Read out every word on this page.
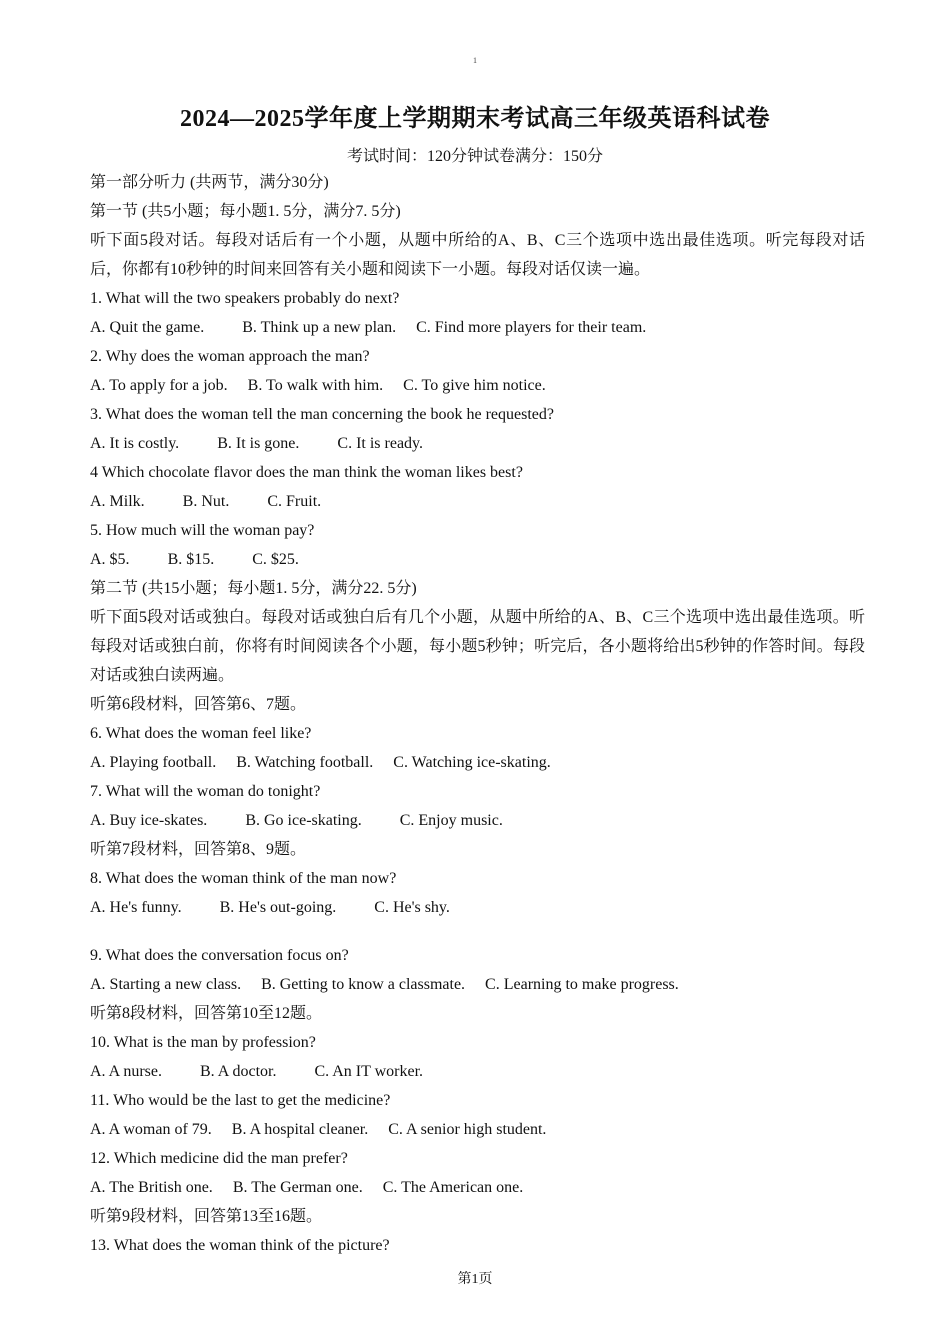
1
2024—2025学年度上学期期末考试高三年级英语科试卷
考试时间：120分钟试卷满分：150分
第一部分听力 (共两节，满分30分)
第一节 (共5小题；每小题1. 5分，满分7. 5分)

听下面5段对话。每段对话后有一个小题，从题中所给的A、B、C三个选项中选出最佳选项。听完每段对话后，你都有10秒钟的时间来回答有关小题和阅读下一小题。每段对话仅读一遍。

1. What will the two speakers probably do next?
A. Quit the game. B. Think up a new plan. C. Find more players for their team.
2. Why does the woman approach the man?
A. To apply for a job. B. To walk with him. C. To give him notice.
3. What does the woman tell the man concerning the book he requested?
A. It is costly. B. It is gone. C. It is ready.
4 Which chocolate flavor does the man think the woman likes best?
A. Milk. B. Nut. C. Fruit.
5. How much will the woman pay?
A. $5. B. $15. C. $25.
第二节 (共15小题；每小题1. 5分，满分22. 5分)

听下面5段对话或独白。每段对话或独白后有几个小题，从题中所给的A、B、C三个选项中选出最佳选项。听每段对话或独白前，你将有时间阅读各个小题，每小题5秒钟；听完后，各小题将给出5秒钟的作答时间。每段对话或独白读两遍。

听第6段材料，回答第6、7题。
6. What does the woman feel like?
A. Playing football. B. Watching football. C. Watching ice-skating.
7. What will the woman do tonight?
A. Buy ice-skates. B. Go ice-skating. C. Enjoy music.
听第7段材料，回答第8、9题。
8. What does the woman think of the man now?
A. He's funny. B. He's out-going. C. He's shy.
9. What does the conversation focus on?
A. Starting a new class. B. Getting to know a classmate. C. Learning to make progress.
听第8段材料，回答第10至12题。
10. What is the man by profession?
A. A nurse. B. A doctor. C. An IT worker.
11. Who would be the last to get the medicine?
A. A woman of 79. B. A hospital cleaner. C. A senior high student.
12. Which medicine did the man prefer?
A. The British one. B. The German one. C. The American one.
听第9段材料，回答第13至16题。
13. What does the woman think of the picture?
第1页
